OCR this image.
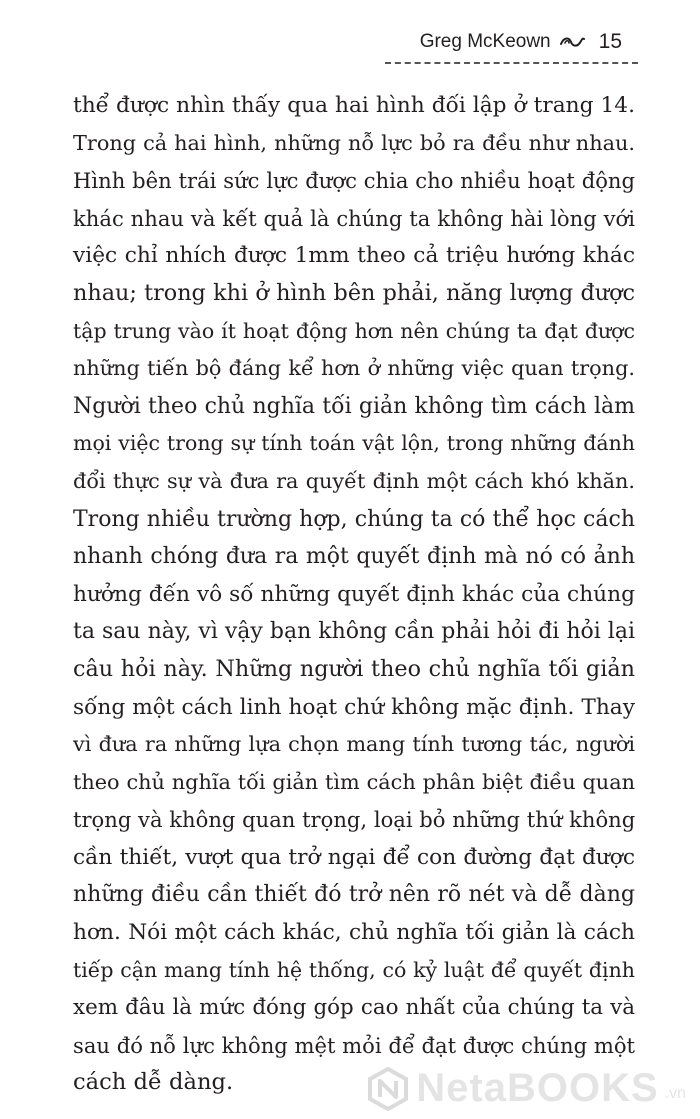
Greg McKeown 15
thể được nhìn thấy qua hai hình đối lập ở trang 14.
Trong cả hai hình, những nỗ lực bỏ ra đều như nhau.
Hình bên trái sức lực được chia cho nhiều hoạt động
khác nhau và kết quả là chúng ta không hài lòng với
việc chỉ nhích được 1mm theo cả triệu hướng khác
nhau; trong khi ở hình bên phải, năng lượng được
tập trung vào ít hoạt động hơn nên chúng ta đạt được
những tiến bộ đáng kể hơn ở những việc quan trọng.
Người theo chủ nghĩa tối giản không tìm cách làm
mọi việc trong sự tính toán vật lộn, trong những đánh
đổi thực sự và đưa ra quyết định một cách khó khăn.
Trong nhiều trường hợp, chúng ta có thể học cách
nhanh chóng đưa ra một quyết định mà nó có ảnh
hưởng đến vô số những quyết định khác của chúng
ta sau này, vì vậy bạn không cần phải hỏi đi hỏi lại
câu hỏi này. Những người theo chủ nghĩa tối giản
sống một cách linh hoạt chứ không mặc định. Thay
vì đưa ra những lựa chọn mang tính tương tác, người
theo chủ nghĩa tối giản tìm cách phân biệt điều quan
trọng và không quan trọng, loại bỏ những thứ không
cần thiết, vượt qua trở ngại để con đường đạt được
những điều cần thiết đó trở nên rõ nét và dễ dàng
hơn. Nói một cách khác, chủ nghĩa tối giản là cách
tiếp cận mang tính hệ thống, có kỷ luật để quyết định
xem đâu là mức đóng góp cao nhất của chúng ta và
sau đó nỗ lực không mệt mỏi để đạt được chúng một
cách dễ dàng.	NetaBOOKS .vn
